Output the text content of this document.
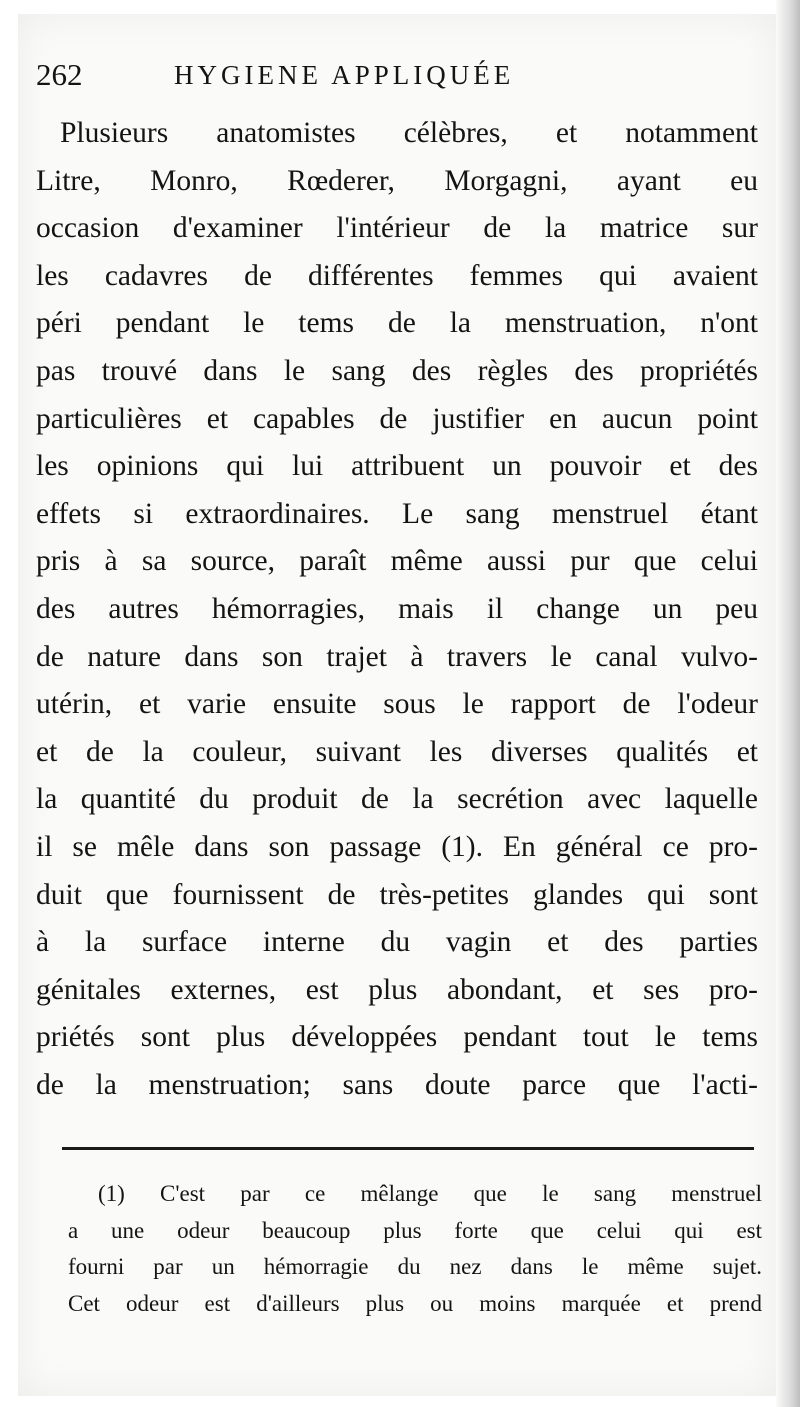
262	HYGIENE APPLIQUÉE
Plusieurs anatomistes célèbres, et notamment
Litre, Monro, Rœderer, Morgagni, ayant eu
occasion d'examiner l'intérieur de la matrice sur
les cadavres de différentes femmes qui avaient
péri pendant le tems de la menstruation, n'ont
pas trouvé dans le sang des règles des propriétés
particulières et capables de justifier en aucun point
les opinions qui lui attribuent un pouvoir et des
effets si extraordinaires. Le sang menstruel étant
pris à sa source, paraît même aussi pur que celui
des autres hémorragies, mais il change un peu
de nature dans son trajet à travers le canal vulvo-
utérin, et varie ensuite sous le rapport de l'odeur
et de la couleur, suivant les diverses qualités et
la quantité du produit de la secrétion avec laquelle
il se mêle dans son passage (1). En général ce pro-
duit que fournissent de très-petites glandes qui sont
à la surface interne du vagin et des parties
génitales externes, est plus abondant, et ses pro-
priétés sont plus développées pendant tout le tems
de la menstruation; sans doute parce que l'acti-
(1) C'est par ce mêlange que le sang menstruel
a une odeur beaucoup plus forte que celui qui est
fourni par un hémorragie du nez dans le même sujet.
Cet odeur est d'ailleurs plus ou moins marquée et prend
